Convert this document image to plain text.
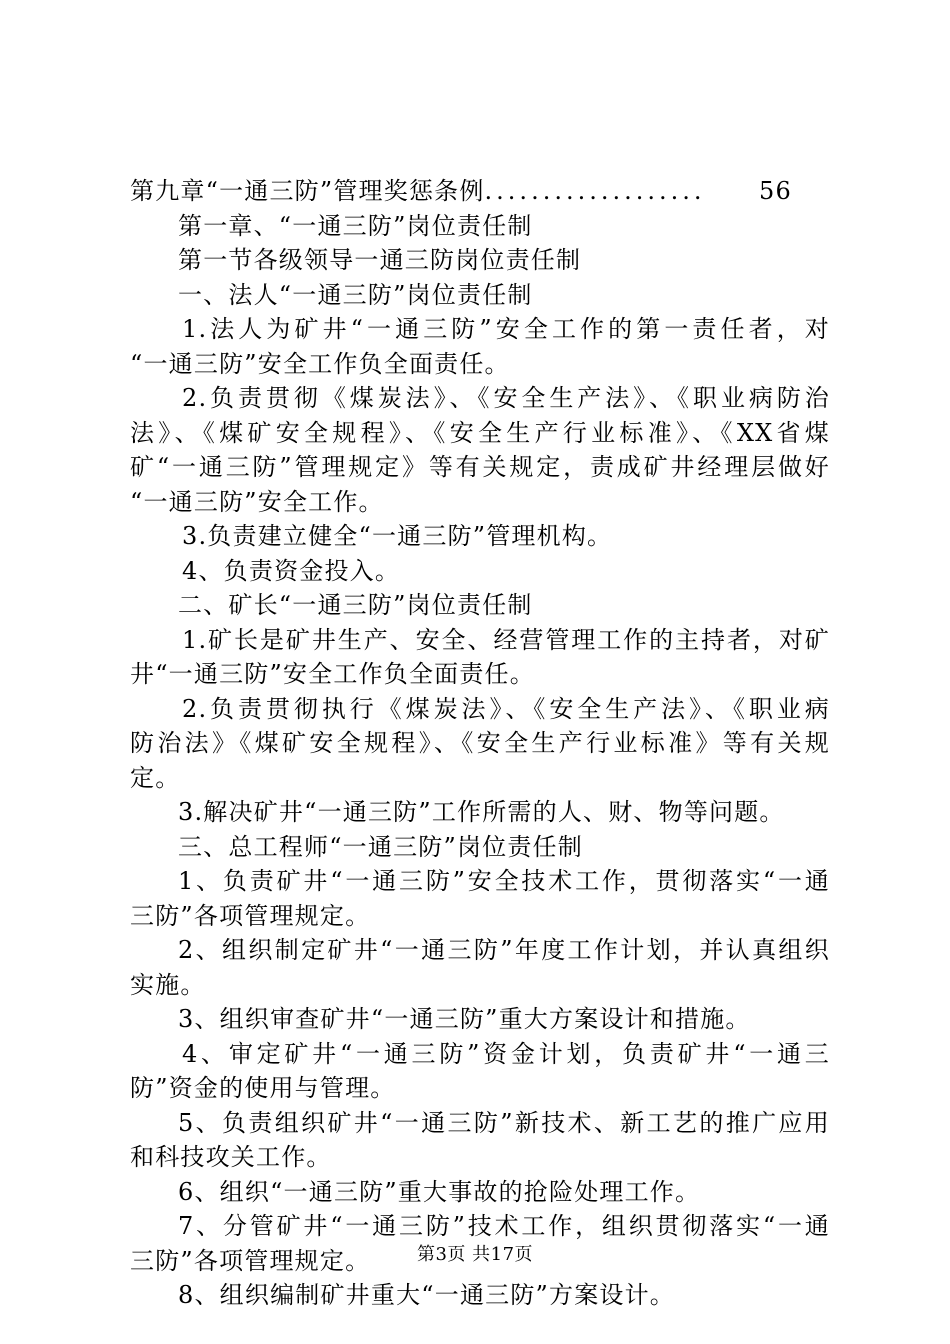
第九章“一通三防”管理奖惩条例 ...................	56
第一章、“一通三防”岗位责任制
第一节各级领导一通三防岗位责任制
一、法人“一通三防”岗位责任制
1.法人为矿井“一通三防”安全工作的第一责任者，对
“一通三防”安全工作负全面责任。
2.负责贯彻《煤炭法》、《安全生产法》、《职业病防治
法》、《煤矿安全规程》、《安全生产行业标准》、《XX省煤
矿“一通三防”管理规定》等有关规定，责成矿井经理层做好
“一通三防”安全工作。
3.负责建立健全“一通三防”管理机构。
4、负责资金投入。
二、矿长“一通三防”岗位责任制
1.矿长是矿井生产、安全、经营管理工作的主持者，对矿
井“一通三防”安全工作负全面责任。
2.负责贯彻执行《煤炭法》、《安全生产法》、《职业病
防治法》《煤矿安全规程》、《安全生产行业标准》等有关规
定。
3.解决矿井“一通三防”工作所需的人、财、物等问题。
三、总工程师“一通三防”岗位责任制
1、负责矿井“一通三防”安全技术工作，贯彻落实“一通
三防”各项管理规定。
2、组织制定矿井“一通三防”年度工作计划，并认真组织
实施。
3、组织审查矿井“一通三防”重大方案设计和措施。
4、审定矿井“一通三防”资金计划，负责矿井“一通三
防”资金的使用与管理。
5、负责组织矿井“一通三防”新技术、新工艺的推广应用
和科技攻关工作。
6、组织“一通三防”重大事故的抢险处理工作。
7、分管矿井“一通三防”技术工作，组织贯彻落实“一通
三防”各项管理规定。
8、组织编制矿井重大“一通三防”方案设计。
第3页 共17页
